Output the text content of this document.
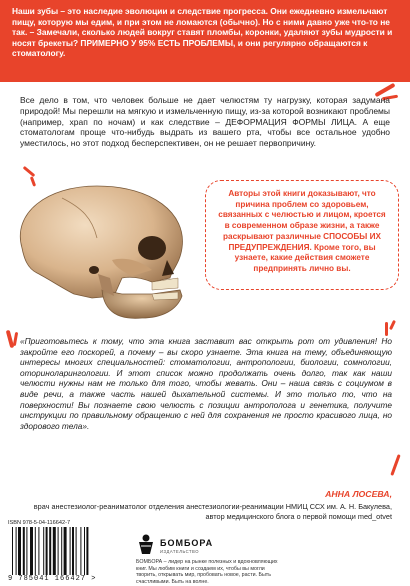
Наши зубы – это наследие эволюции и следствие прогресса. Они ежедневно измельчают пищу, которую мы едим, и при этом не ломаются (обычно). Но с ними давно уже что-то не так. – Замечали, сколько людей вокруг ставят пломбы, коронки, удаляют зубы мудрости и носят брекеты? ПРИМЕРНО У 95% ЕСТЬ ПРОБЛЕМЫ, и они регулярно обращаются к стоматологу.

Все дело в том, что человек больше не дает челюстям ту нагрузку, которая задумана природой! Мы перешли на мягкую и измельченную пищу, из-за которой возникают проблемы (например, храп по ночам) и как следствие – ДЕФОРМАЦИЯ ФОРМЫ ЛИЦА. А еще стоматологам проще что-нибудь выдрать из вашего рта, чтобы все остальное удобно уместилось, но этот подход бесперспективен, он не решает первопричину.

Авторы этой книги доказывают, что причина проблем со здоровьем, связанных с челюстью и лицом, кроется в современном образе жизни, а также раскрывают различные СПОСОБЫ ИХ ПРЕДУПРЕЖДЕНИЯ. Кроме того, вы узнаете, какие действия сможете предпринять лично вы.

«Приготовьтесь к тому, что эта книга заставит вас открыть рот от удивления! Но закройте его поскорей, а почему – вы скоро узнаете. Эта книга на тему, объединяющую интересы многих специальностей: стоматологии, антропологии, биологии, сомнологии, оториноларингологии. И этот список можно продолжать очень долго, так как наши челюсти нужны нам не только для того, чтобы жевать. Они – наша связь с социумом в виде речи, а также часть нашей дыхательной системы. И это только то, что на поверхности! Вы познаете свою челюсть с позиции антрополога и генетика, получите инструкции по правильному обращению с ней для сохранения не просто красивого лица, но здорового тела».

АННА ЛОСЕВА,
врач анестезиолог-реаниматолог отделения анестезиологии-реанимации НМИЦ ССХ им. А. Н. Бакулева, автор медицинского блога о первой помощи med_otvet
ISBN 978-5-04-116642-7
9 785041 166427 >
БОМБОРА
ИЗДАТЕЛЬСТВО
БОМБОРА – лидер на рынке полезных и вдохновляющих книг. Мы любим книги и создаем их, чтобы вы могли творить, открывать мир, пробовать новое, расти. Быть счастливыми. Быть на волне.
